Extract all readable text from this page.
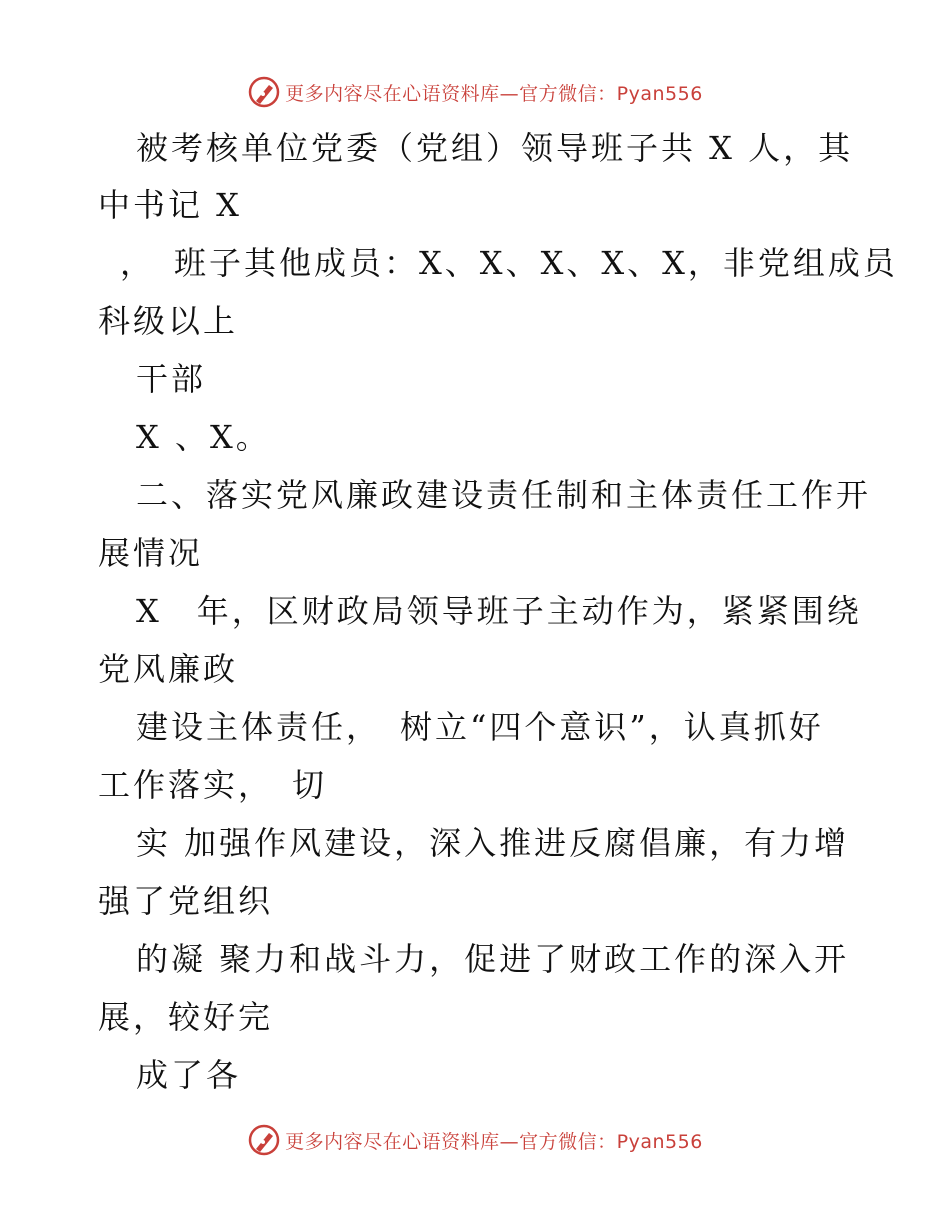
更多内容尽在心语资料库—官方微信：Pyan556
被考核单位党委（党组）领导班子共 X 人，其
中书记 X
，　班子其他成员：X、X、X、X、X，非党组成员
科级以上
干部
X 、X。
二、落实党风廉政建设责任制和主体责任工作开
展情况
X　年，区财政局领导班子主动作为，紧紧围绕
党风廉政
建设主体责任，　树立“四个意识”，认真抓好
工作落实，　切
实 加强作风建设，深入推进反腐倡廉，有力增
强了党组织
的凝 聚力和战斗力，促进了财政工作的深入开
展，较好完
成了各
更多内容尽在心语资料库—官方微信：Pyan556
